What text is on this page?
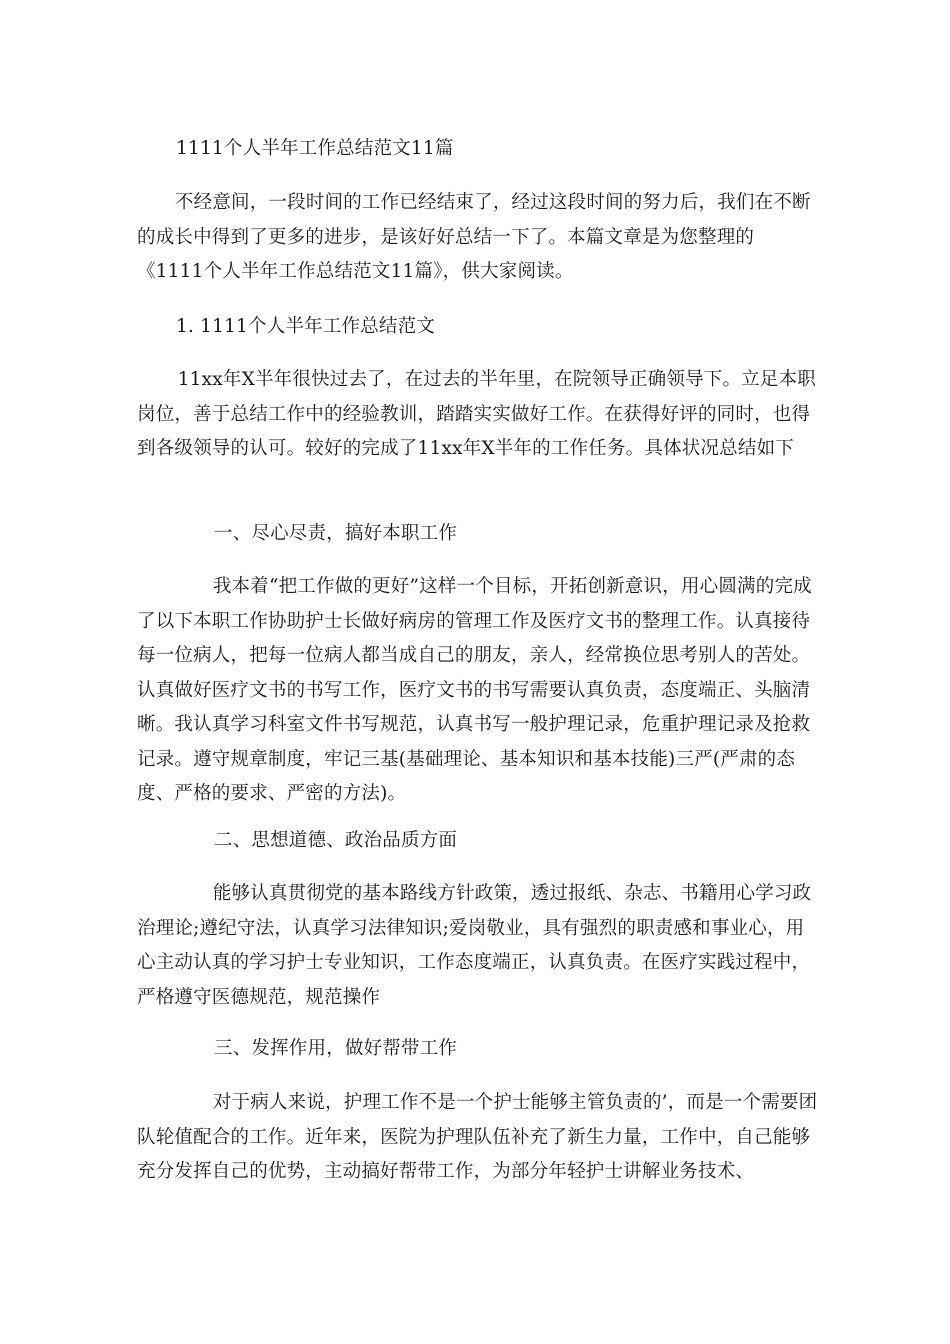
1111个人半年工作总结范文11篇

不经意间，一段时间的工作已经结束了，经过这段时间的努力后，我们在不断的成长中得到了更多的进步，是该好好总结一下了。本篇文章是为您整理的《1111个人半年工作总结范文11篇》，供大家阅读。

1. 1111个人半年工作总结范文

11xx年X半年很快过去了，在过去的半年里，在院领导正确领导下。立足本职岗位，善于总结工作中的经验教训，踏踏实实做好工作。在获得好评的同时，也得到各级领导的认可。较好的完成了11xx年X半年的工作任务。具体状况总结如下

一、尽心尽责，搞好本职工作

我本着“把工作做的更好”这样一个目标，开拓创新意识，用心圆满的完成了以下本职工作协助护士长做好病房的管理工作及医疗文书的整理工作。认真接待每一位病人，把每一位病人都当成自己的朋友，亲人，经常换位思考别人的苦处。认真做好医疗文书的书写工作，医疗文书的书写需要认真负责，态度端正、头脑清晰。我认真学习科室文件书写规范，认真书写一般护理记录，危重护理记录及抢救记录。遵守规章制度，牢记三基(基础理论、基本知识和基本技能)三严(严肃的态度、严格的要求、严密的方法)。

二、思想道德、政治品质方面

能够认真贯彻党的基本路线方针政策，透过报纸、杂志、书籍用心学习政治理论;遵纪守法，认真学习法律知识;爱岗敬业，具有强烈的职责感和事业心，用心主动认真的学习护士专业知识，工作态度端正，认真负责。在医疗实践过程中，严格遵守医德规范，规范操作

三、发挥作用，做好帮带工作

对于病人来说，护理工作不是一个护士能够主管负责的’，而是一个需要团队轮值配合的工作。近年来，医院为护理队伍补充了新生力量，工作中，自己能够充分发挥自己的优势，主动搞好帮带工作，为部分年轻护士讲解业务技术、
